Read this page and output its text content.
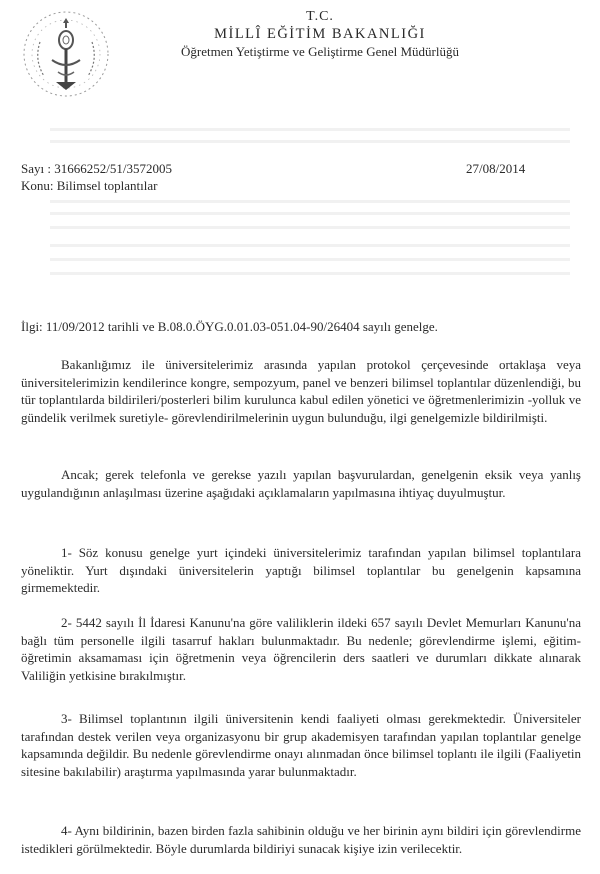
T.C.
MİLLÎ EĞİTİM BAKANLIĞI
Öğretmen Yetiştirme ve Geliştirme Genel Müdürlüğü
Sayı : 31666252/51/3572005	27/08/2014
Konu: Bilimsel toplantılar
İlgi: 11/09/2012 tarihli ve B.08.0.ÖYG.0.01.03-051.04-90/26404 sayılı genelge.

Bakanlığımız ile üniversitelerimiz arasında yapılan protokol çerçevesinde ortaklaşa veya üniversitelerimizin kendilerince kongre, sempozyum, panel ve benzeri bilimsel toplantılar düzenlendiği, bu tür toplantılarda bildirileri/posterleri bilim kurulunca kabul edilen yönetici ve öğretmenlerimizin -yolluk ve gündelik verilmek suretiyle- görevlendirilmelerinin uygun bulunduğu, ilgi genelgemizle bildirilmişti.

Ancak; gerek telefonla ve gerekse yazılı yapılan başvurulardan, genelgenin eksik veya yanlış uygulandığının anlaşılması üzerine aşağıdaki açıklamaların yapılmasına ihtiyaç duyulmuştur.

1- Söz konusu genelge yurt içindeki üniversitelerimiz tarafından yapılan bilimsel toplantılara yöneliktir. Yurt dışındaki üniversitelerin yaptığı bilimsel toplantılar bu genelgenin kapsamına girmemektedir.

2- 5442 sayılı İl İdaresi Kanunu'na göre valiliklerin ildeki 657 sayılı Devlet Memurları Kanunu'na bağlı tüm personelle ilgili tasarruf hakları bulunmaktadır. Bu nedenle; görevlendirme işlemi, eğitim-öğretimin aksamaması için öğretmenin veya öğrencilerin ders saatleri ve durumları dikkate alınarak Valiliğin yetkisine bırakılmıştır.

3- Bilimsel toplantının ilgili üniversitenin kendi faaliyeti olması gerekmektedir. Üniversiteler tarafından destek verilen veya organizasyonu bir grup akademisyen tarafından yapılan toplantılar genelge kapsamında değildir. Bu nedenle görevlendirme onayı alınmadan önce bilimsel toplantı ile ilgili (Faaliyetin sitesine bakılabilir) araştırma yapılmasında yarar bulunmaktadır.

4- Aynı bildirinin, bazen birden fazla sahibinin olduğu ve her birinin aynı bildiri için görevlendirme istedikleri görülmektedir. Böyle durumlarda bildiriyi sunacak kişiye izin verilecektir.
